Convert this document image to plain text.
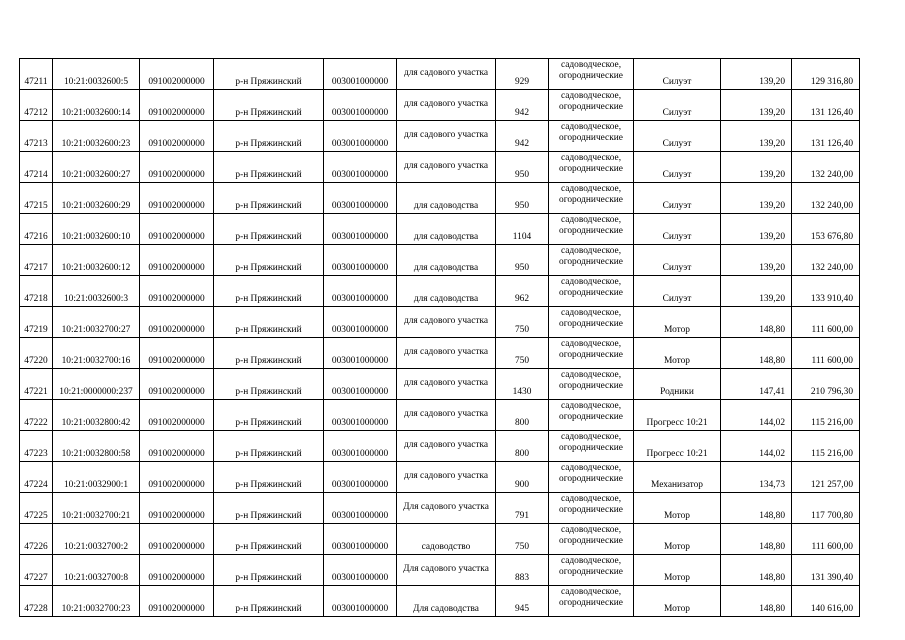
47211	10:21:0032600:5	091002000000	р-н Пряжинский	003001000000	для садового участка	929	садоводческое,
огороднические	Силуэт	139,20	129 316,80
47212	10:21:0032600:14	091002000000	р-н Пряжинский	003001000000	для садового участка	942	садоводческое,
огороднические	Силуэт	139,20	131 126,40
47213	10:21:0032600:23	091002000000	р-н Пряжинский	003001000000	для садового участка	942	садоводческое,
огороднические	Силуэт	139,20	131 126,40
47214	10:21:0032600:27	091002000000	р-н Пряжинский	003001000000	для садового участка	950	садоводческое,
огороднические	Силуэт	139,20	132 240,00
47215	10:21:0032600:29	091002000000	р-н Пряжинский	003001000000	для садоводства	950	садоводческое,
огороднические	Силуэт	139,20	132 240,00
47216	10:21:0032600:10	091002000000	р-н Пряжинский	003001000000	для садоводства	1104	садоводческое,
огороднические	Силуэт	139,20	153 676,80
47217	10:21:0032600:12	091002000000	р-н Пряжинский	003001000000	для садоводства	950	садоводческое,
огороднические	Силуэт	139,20	132 240,00
47218	10:21:0032600:3	091002000000	р-н Пряжинский	003001000000	для садоводства	962	садоводческое,
огороднические	Силуэт	139,20	133 910,40
47219	10:21:0032700:27	091002000000	р-н Пряжинский	003001000000	для садового участка	750	садоводческое,
огороднические	Мотор	148,80	111 600,00
47220	10:21:0032700:16	091002000000	р-н Пряжинский	003001000000	для садового участка	750	садоводческое,
огороднические	Мотор	148,80	111 600,00
47221	10:21:0000000:237	091002000000	р-н Пряжинский	003001000000	для садового участка	1430	садоводческое,
огороднические	Родники	147,41	210 796,30
47222	10:21:0032800:42	091002000000	р-н Пряжинский	003001000000	для садового участка	800	садоводческое,
огороднические	Прогресс 10:21	144,02	115 216,00
47223	10:21:0032800:58	091002000000	р-н Пряжинский	003001000000	для садового участка	800	садоводческое,
огороднические	Прогресс 10:21	144,02	115 216,00
47224	10:21:0032900:1	091002000000	р-н Пряжинский	003001000000	для садового участка	900	садоводческое,
огороднические	Механизатор	134,73	121 257,00
47225	10:21:0032700:21	091002000000	р-н Пряжинский	003001000000	Для садового участка	791	садоводческое,
огороднические	Мотор	148,80	117 700,80
47226	10:21:0032700:2	091002000000	р-н Пряжинский	003001000000	садоводство	750	садоводческое,
огороднические	Мотор	148,80	111 600,00
47227	10:21:0032700:8	091002000000	р-н Пряжинский	003001000000	Для садового участка	883	садоводческое,
огороднические	Мотор	148,80	131 390,40
47228	10:21:0032700:23	091002000000	р-н Пряжинский	003001000000	Для садоводства	945	садоводческое,
огороднические	Мотор	148,80	140 616,00
